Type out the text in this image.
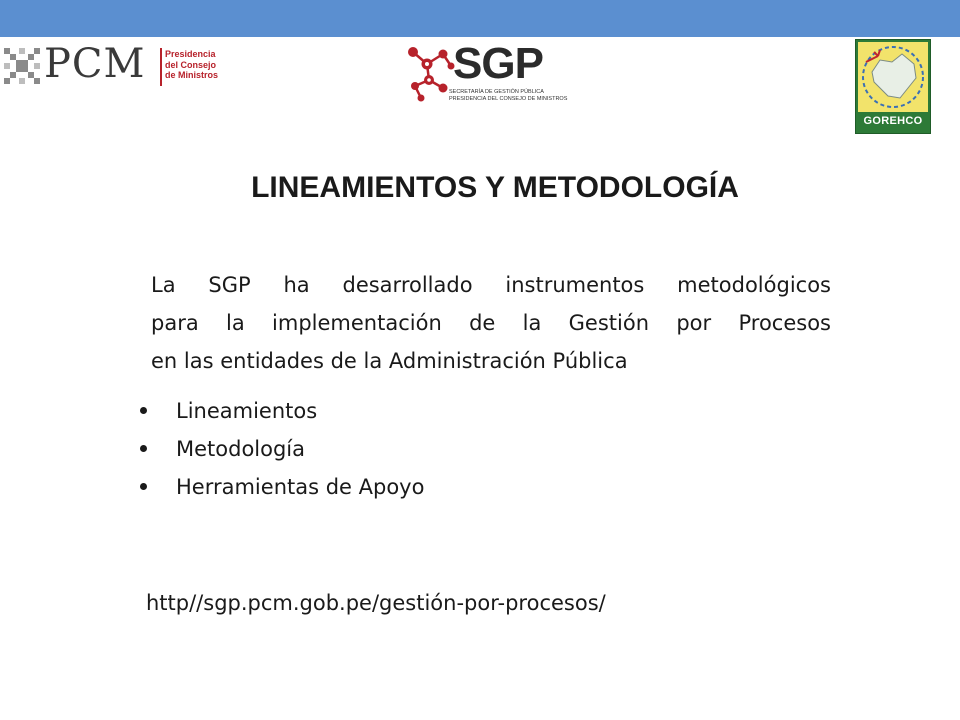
PCM Presidencia
del Consejo
de Ministros	SGP
SECRETARÍA DE GESTIÓN PÚBLICA
PRESIDENCIA DEL CONSEJO DE MINISTROS
GOREHCO
LINEAMIENTOS Y METODOLOGÍA
La SGP ha desarrollado instrumentos metodológicos
para la implementación de la Gestión por Procesos
en las entidades de la Administración Pública
Lineamientos
Metodología
Herramientas de Apoyo
http//sgp.pcm.gob.pe/gestión-por-procesos/
